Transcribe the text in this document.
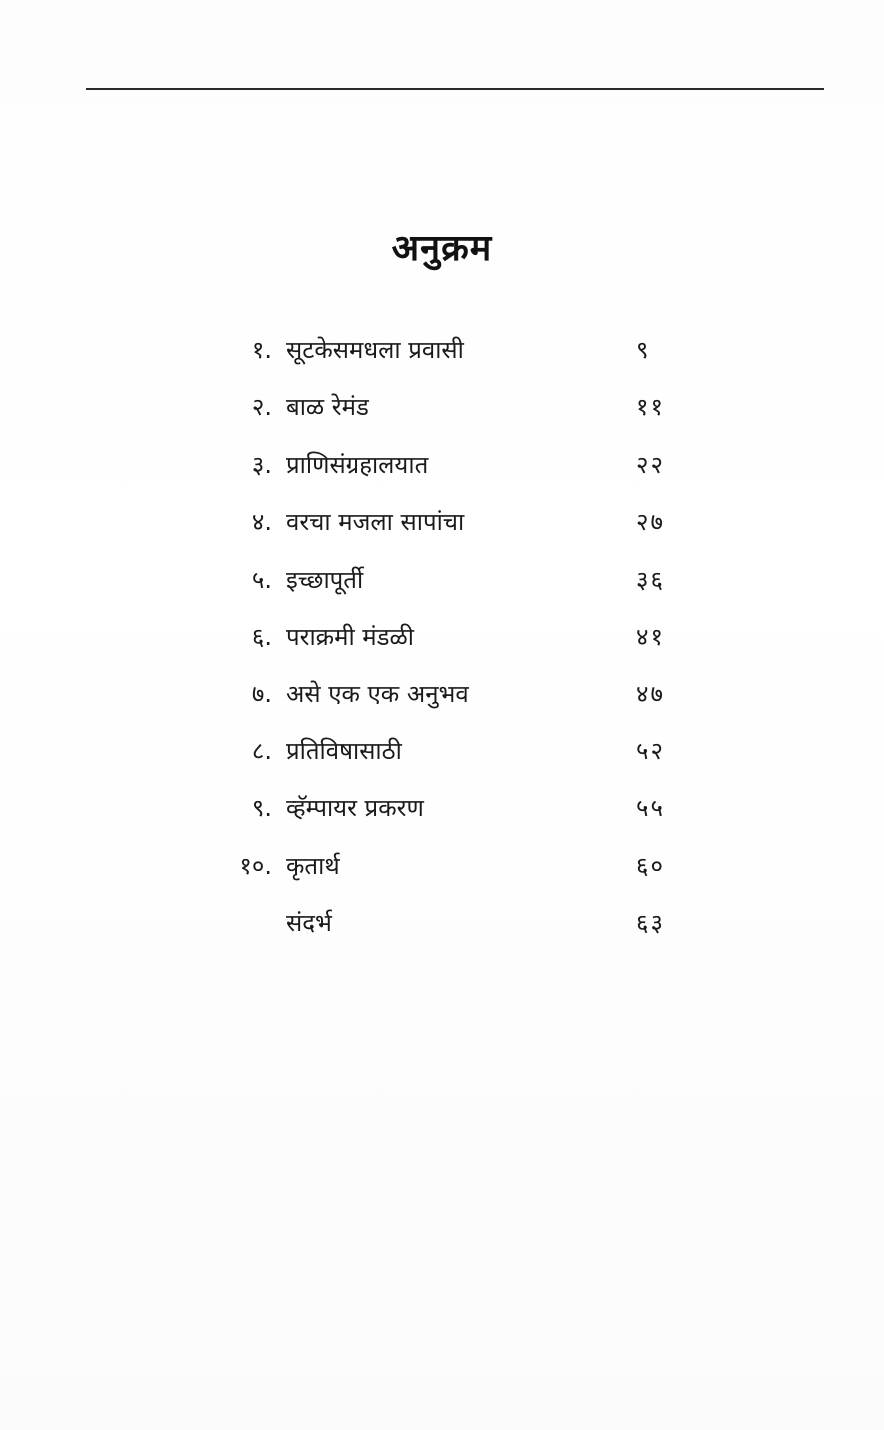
अनुक्रम
१. सूटकेसमधला प्रवासी	९
२. बाळ रेमंड	११
३. प्राणिसंग्रहालयात	२२
४. वरचा मजला सापांचा	२७
५. इच्छापूर्ती	३६
६. पराक्रमी मंडळी	४१
७. असे एक एक अनुभव	४७
८. प्रतिविषासाठी	५२
९. व्हॅम्पायर प्रकरण	५५
१०. कृतार्थ	६०
संदर्भ	६३
